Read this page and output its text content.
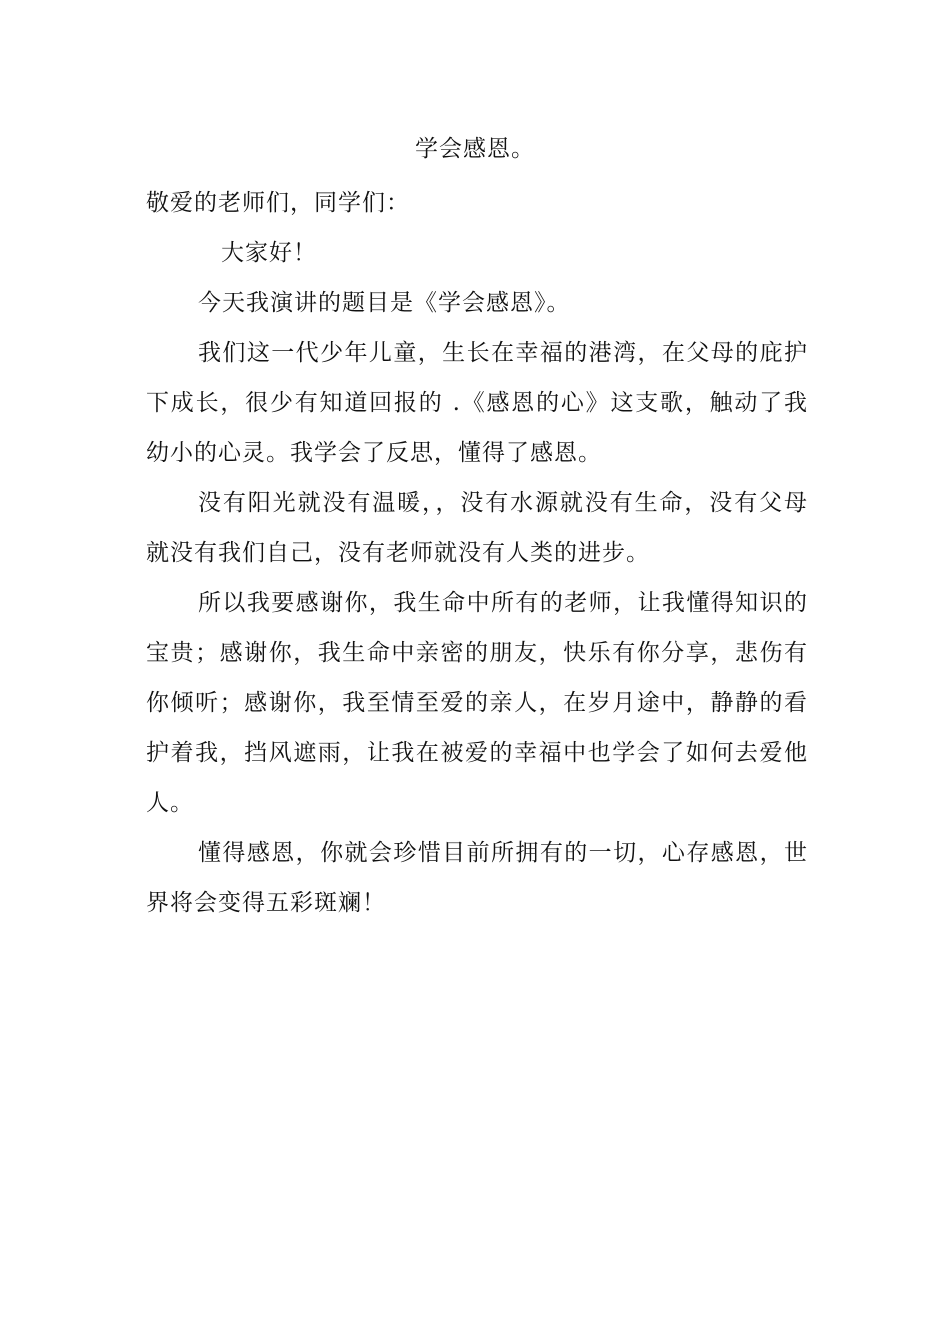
学会感恩。

敬爱的老师们，同学们：

大家好！

今天我演讲的题目是《学会感恩》。

我们这一代少年儿童，生长在幸福的港湾，在父母的庇护下成长，很少有知道回报的 .《感恩的心》这支歌，触动了我幼小的心灵。我学会了反思，懂得了感恩。

没有阳光就没有温暖，，没有水源就没有生命，没有父母就没有我们自己，没有老师就没有人类的进步。

所以我要感谢你，我生命中所有的老师，让我懂得知识的宝贵；感谢你，我生命中亲密的朋友，快乐有你分享，悲伤有你倾听；感谢你，我至情至爱的亲人，在岁月途中，静静的看护着我，挡风遮雨，让我在被爱的幸福中也学会了如何去爱他人。

懂得感恩，你就会珍惜目前所拥有的一切，心存感恩，世界将会变得五彩斑斓！
